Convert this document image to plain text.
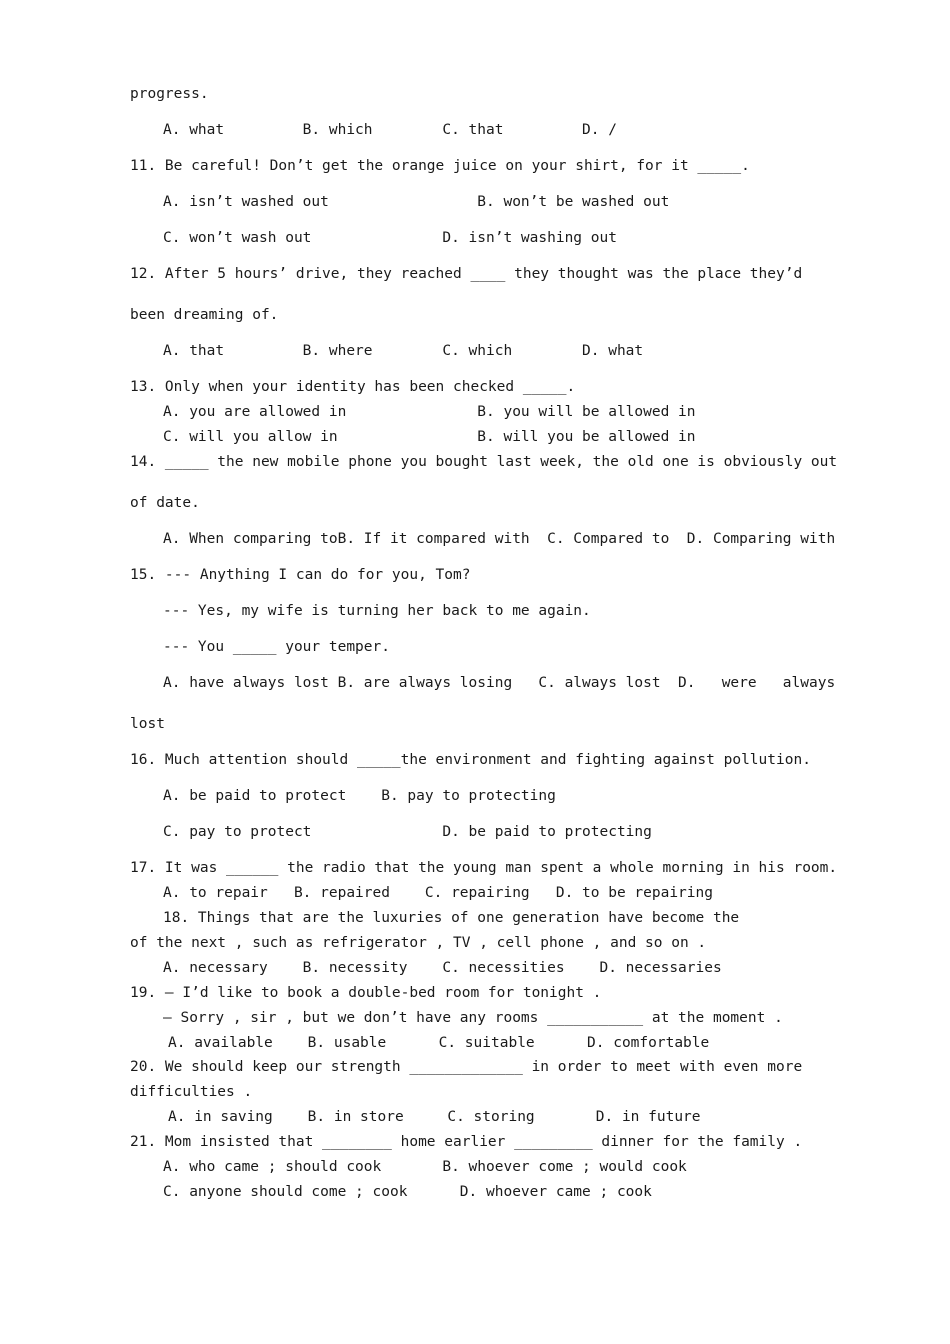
progress.
A. what         B. which        C. that         D. /
11. Be careful! Don’t get the orange juice on your shirt, for it _____.
A. isn’t washed out                 B. won’t be washed out
C. won’t wash out               D. isn’t washing out
12. After 5 hours’ drive, they reached ____ they thought was the place they’d
been dreaming of.
A. that         B. where        C. which        D. what
13. Only when your identity has been checked _____.
A. you are allowed in               B. you will be allowed in
C. will you allow in                B. will you be allowed in
14. _____ the new mobile phone you bought last week, the old one is obviously out
of date.
A. When comparing toB. If it compared with  C. Compared to  D. Comparing with
15. --- Anything I can do for you, Tom?
--- Yes, my wife is turning her back to me again.
--- You _____ your temper.
A. have always lost B. are always losing   C. always lost  D.   were   always
lost
16. Much attention should _____the environment and fighting against pollution.
A. be paid to protect    B. pay to protecting
C. pay to protect               D. be paid to protecting
17. It was ______ the radio that the young man spent a whole morning in his room.
A. to repair   B. repaired    C. repairing   D. to be repairing
18. Things that are the luxuries of one generation have become the
of the next , such as refrigerator , TV , cell phone , and so on .
A. necessary    B. necessity    C. necessities    D. necessaries
19. — I’d like to book a double-bed room for tonight .
— Sorry , sir , but we don’t have any rooms ___________ at the moment .
A. available    B. usable      C. suitable      D. comfortable
20. We should keep our strength _____________ in order to meet with even more
difficulties .
A. in saving    B. in store     C. storing       D. in future
21. Mom insisted that ________ home earlier _________ dinner for the family .
A. who came ; should cook       B. whoever come ; would cook
C. anyone should come ; cook      D. whoever came ; cook
